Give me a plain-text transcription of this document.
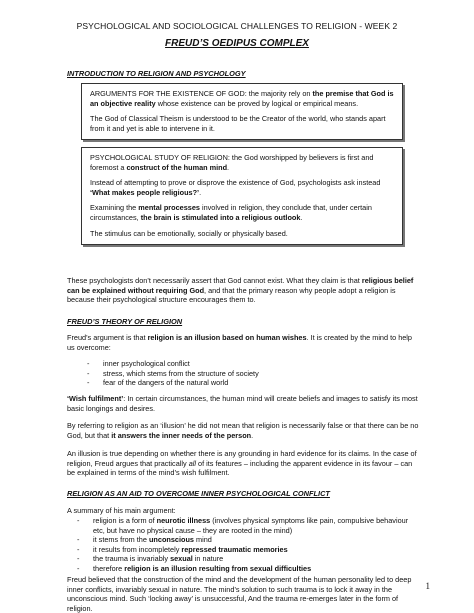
PSYCHOLOGICAL AND SOCIOLOGICAL CHALLENGES TO RELIGION - WEEK 2
FREUD’S OEDIPUS COMPLEX
INTRODUCTION TO RELIGION AND PSYCHOLOGY

ARGUMENTS FOR THE EXISTENCE OF GOD: the majority rely on the premise that God is an objective reality whose existence can be proved by logical or empirical means.

The God of Classical Theism is understood to be the Creator of the world, who stands apart from it and yet is able to intervene in it.

PSYCHOLOGICAL STUDY OF RELIGION: the God worshipped by believers is first and foremost a construct of the human mind.

Instead of attempting to prove or disprove the existence of God, psychologists ask instead ‘What makes people religious?’.

Examining the mental processes involved in religion, they conclude that, under certain circumstances, the brain is stimulated into a religious outlook.

The stimulus can be emotionally, socially or physically based.

These psychologists don’t necessarily assert that God cannot exist. What they claim is that religious belief can be explained without requiring God, and that the primary reason why people adopt a religion is because their psychological structure encourages them to.

FREUD’S THEORY OF RELIGION

Freud’s argument is that religion is an illusion based on human wishes. It is created by the mind to help us overcome:

- inner psychological conflict
- stress, which stems from the structure of society
- fear of the dangers of the natural world

‘Wish fulfilment’: In certain circumstances, the human mind will create beliefs and images to satisfy its most basic longings and desires.

By referring to religion as an ‘illusion’ he did not mean that religion is necessarily false or that there can be no God, but that it answers the inner needs of the person.

An illusion is true depending on whether there is any grounding in hard evidence for its claims. In the case of religion, Freud argues that practically all of its features – including the apparent evidence in its favour – can be explained in terms of the mind’s wish fulfilment.

RELIGION AS AN AID TO OVERCOME INNER PSYCHOLOGICAL CONFLICT

A summary of his main argument:

- religion is a form of neurotic illness (involves physical symptoms like pain, compulsive behaviour etc, but have no physical cause – they are rooted in the mind)
- it stems from the unconscious mind
- it results from incompletely repressed traumatic memories
- the trauma is invariably sexual in nature
- therefore religion is an illusion resulting from sexual difficulties

Freud believed that the construction of the mind and the development of the human personality led to deep inner conflicts, invariably sexual in nature. The mind’s solution to such trauma is to lock it away in the unconscious mind. Such ‘locking away’ is unsuccessful, And the trauma re-emerges later in the form of religion.

1
